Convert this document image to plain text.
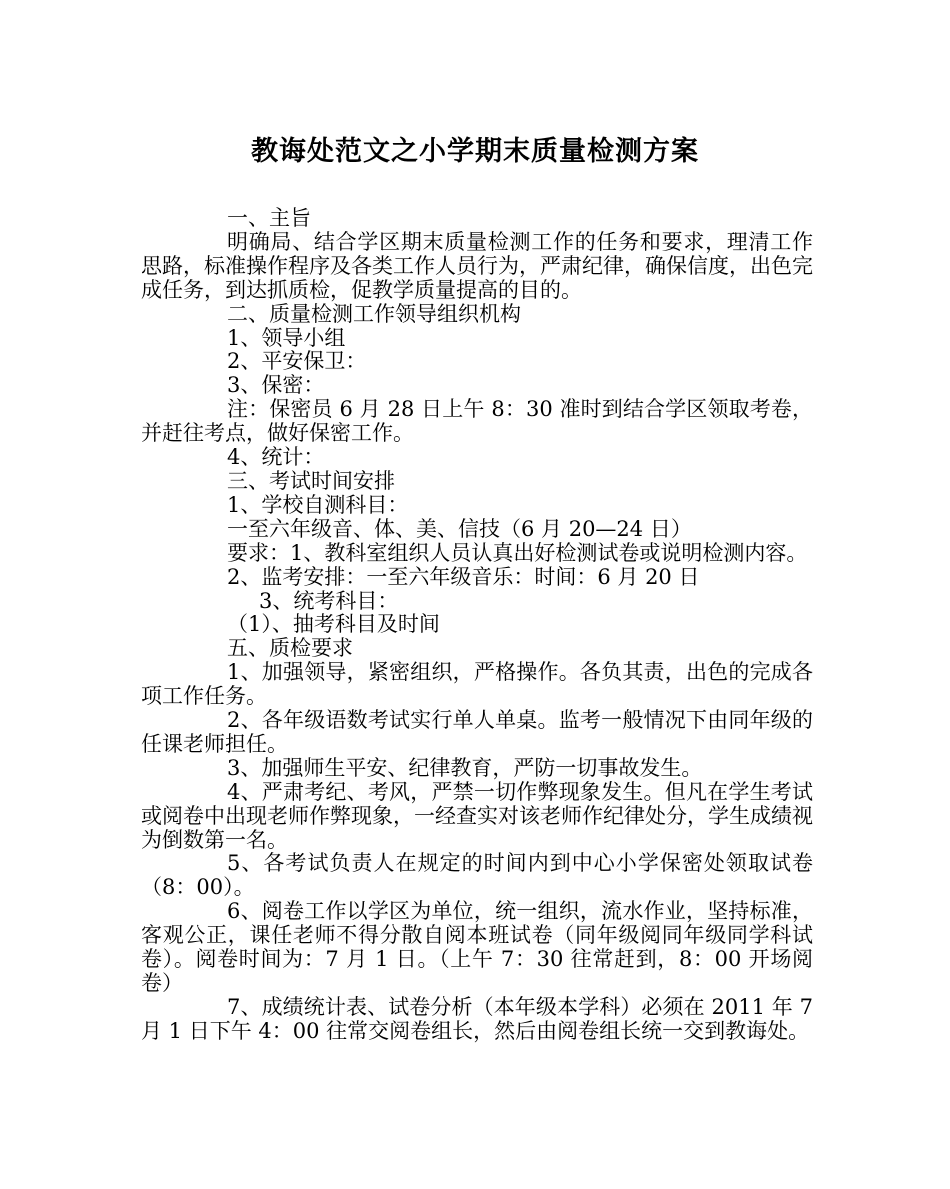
教诲处范文之小学期末质量检测方案

一、主旨

明确局、结合学区期末质量检测工作的任务和要求，理清工作思路，标准操作程序及各类工作人员行为，严肃纪律，确保信度，出色完成任务，到达抓质检，促教学质量提高的目的。

二、质量检测工作领导组织机构

1、领导小组

2、平安保卫：

3、保密：

注：保密员 6 月 28 日上午 8：30 准时到结合学区领取考卷，并赶往考点，做好保密工作。

4、统计：

三、考试时间安排

1、学校自测科目：

一至六年级音、体、美、信技（6 月 20—24 日）

要求：1、教科室组织人员认真出好检测试卷或说明检测内容。

2、监考安排：一至六年级音乐：时间：6 月 20 日

3、统考科目：

（1）、抽考科目及时间

五、质检要求

1、加强领导，紧密组织，严格操作。各负其责，出色的完成各项工作任务。

2、各年级语数考试实行单人单桌。监考一般情况下由同年级的任课老师担任。

3、加强师生平安、纪律教育，严防一切事故发生。

4、严肃考纪、考风，严禁一切作弊现象发生。但凡在学生考试或阅卷中出现老师作弊现象，一经查实对该老师作纪律处分，学生成绩视为倒数第一名。

5、各考试负责人在规定的时间内到中心小学保密处领取试卷（8：00）。

6、阅卷工作以学区为单位，统一组织，流水作业，坚持标准，客观公正，课任老师不得分散自阅本班试卷（同年级阅同年级同学科试卷）。阅卷时间为：7 月 1 日。（上午 7：30 往常赶到，8：00 开场阅卷）

7、成绩统计表、试卷分析（本年级本学科）必须在 2011 年 7 月 1 日下午 4：00 往常交阅卷组长，然后由阅卷组长统一交到教诲处。
